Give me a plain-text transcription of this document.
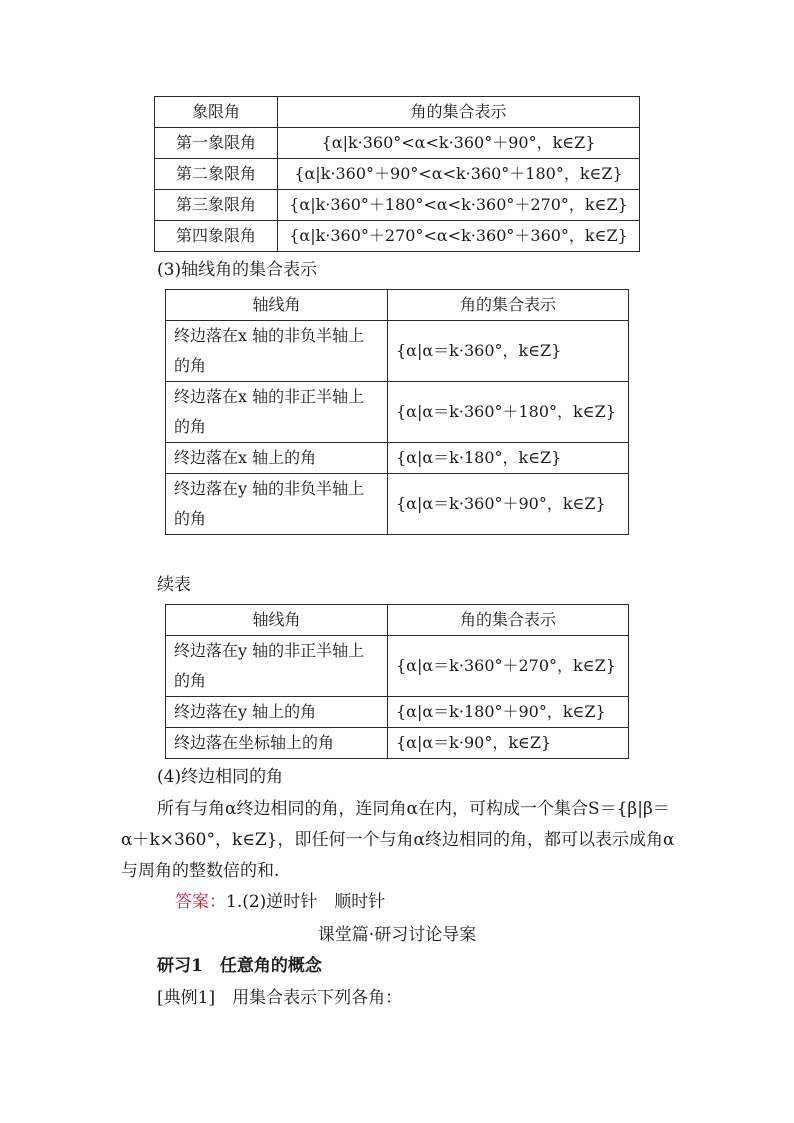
象限角	角的集合表示
第一象限角	{α|k·360°<α<k·360°＋90°，k∈Z}
第二象限角	{α|k·360°＋90°<α<k·360°＋180°，k∈Z}
第三象限角	{α|k·360°＋180°<α<k·360°＋270°，k∈Z}
第四象限角	{α|k·360°＋270°<α<k·360°＋360°，k∈Z}
(3)轴线角的集合表示
轴线角	角的集合表示
终边落在x 轴的非负半轴上的角	{α|α＝k·360°，k∈Z}
终边落在x 轴的非正半轴上的角	{α|α＝k·360°＋180°，k∈Z}
终边落在x 轴上的角	{α|α＝k·180°，k∈Z}
终边落在y 轴的非负半轴上的角	{α|α＝k·360°＋90°，k∈Z}
续表
轴线角	角的集合表示
终边落在y 轴的非正半轴上的角	{α|α＝k·360°＋270°，k∈Z}
终边落在y 轴上的角	{α|α＝k·180°＋90°，k∈Z}
终边落在坐标轴上的角	{α|α＝k·90°，k∈Z}
(4)终边相同的角
所有与角α终边相同的角，连同角α在内，可构成一个集合S＝{β|β＝α＋k×360°，k∈Z}，即任何一个与角α终边相同的角，都可以表示成角α与周角的整数倍的和.
答案：1.(2)逆时针　顺时针
课堂篇·研习讨论导案
研习1　 任意角的概念
[典例1]　 用集合表示下列各角：
